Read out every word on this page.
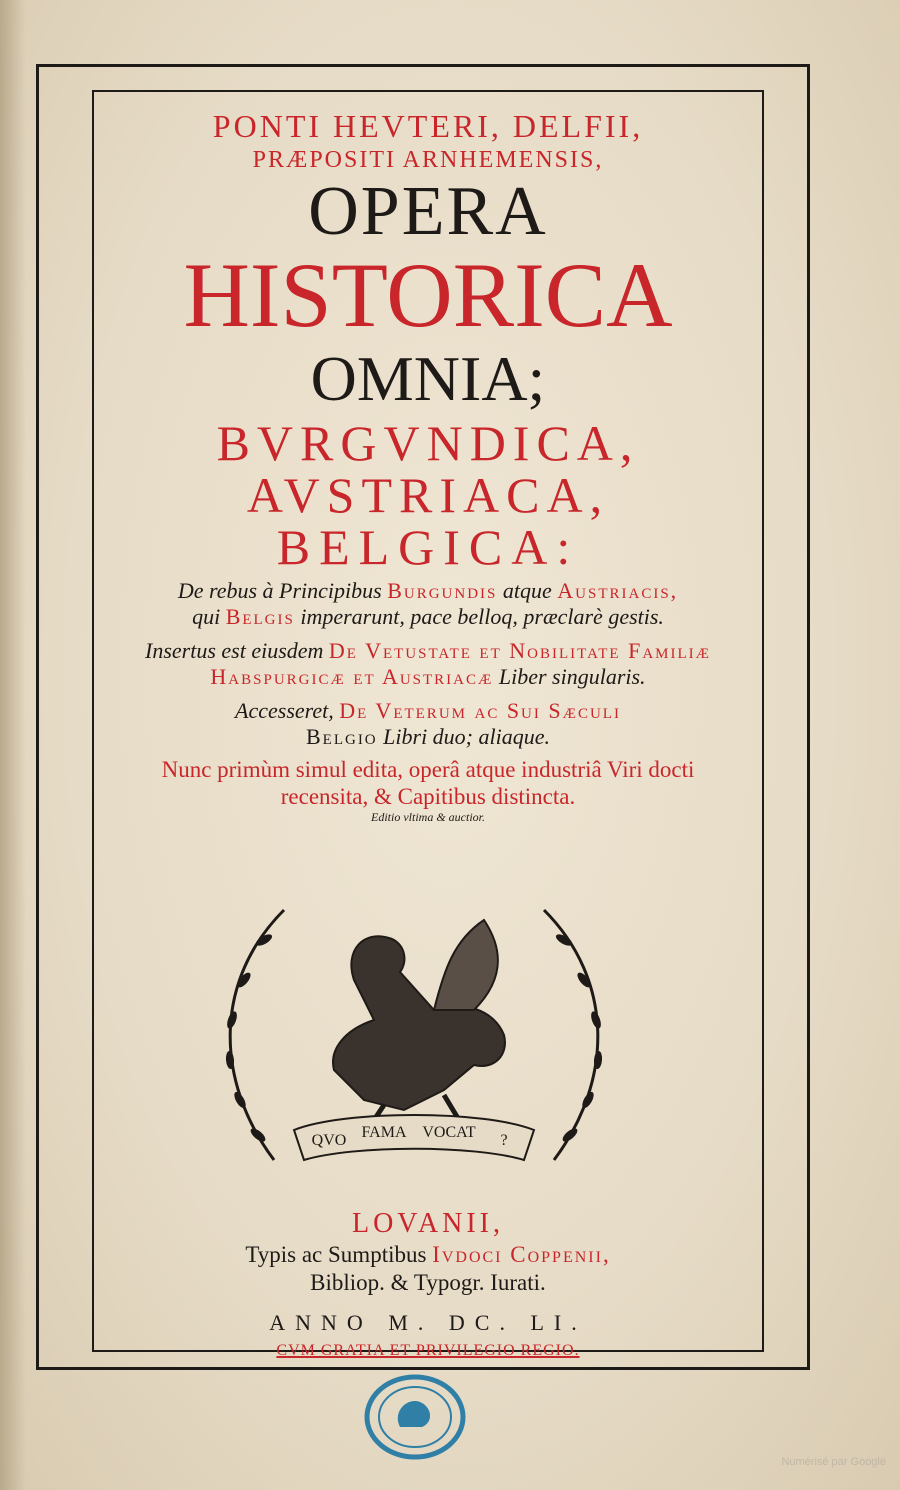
PONTI HEVTERI, DELFII,
PRÆPOSITI ARNHEMENSIS,
OPERA
HISTORICA
OMNIA;
BVRGVNDICA,
AVSTRIACA,
BELGICA:
De rebus à Principibus Burgundis atque Austriacis,
qui Belgis imperarunt, pace belloq, præclarè gestis.
Insertus est eiusdem De Vetustate et Nobilitate Familiæ
Habspurgicæ et Austriacæ Liber singularis.
Accesseret, De Veterum ac Sui Sæculi
Belgio Libri duo; aliaque.
Nunc primùm simul edita, operâ atque industriâ Viri docti
recensita, & Capitibus distincta.
Editio vltima & auctior.
QVO FAMA VOCAT ?
LOVANII,
Typis ac Sumptibus Ivdoci Coppenii,
Bibliop. & Typogr. Iurati.
ANNO M. DC. LI.
CVM GRATIA ET PRIVILEGIO REGIO.
Numérisé par Google
